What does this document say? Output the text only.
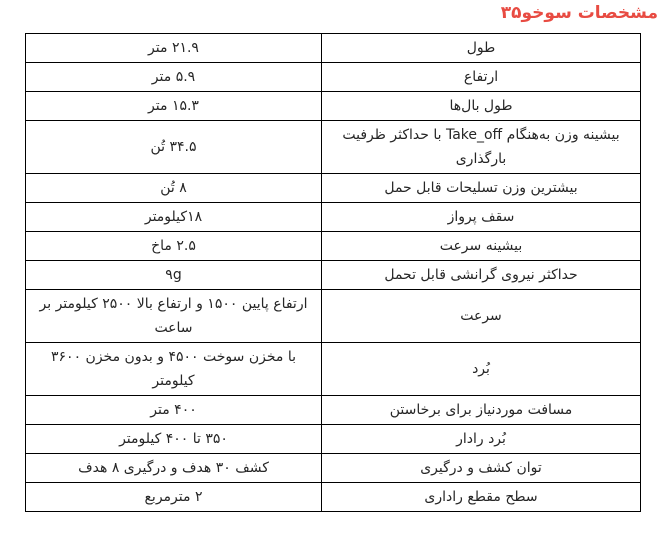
مشخصات سوخو۳۵
طول	۲۱.۹ متر
ارتفاع	۵.۹ متر
طول بال‌ها	۱۵.۳ متر
بیشینه وزن به‌هنگام Take_off با حداکثر ظرفیت بارگذاری	۳۴.۵ تُن
بیشترین وزن تسلیحات قابل حمل	۸ تُن
سقف پرواز	۱۸کیلومتر
بیشینه سرعت	۲.۵ ماخ
حداکثر نیروی گرانشی قابل تحمل	۹g
سرعت	ارتفاع پایین ۱۵۰۰ و ارتفاع بالا ۲۵۰۰ کیلومتر بر ساعت
بُرد	با مخزن سوخت ۴۵۰۰ و بدون مخزن ۳۶۰۰ کیلومتر
مسافت موردنیاز برای برخاستن	۴۰۰ متر
بُرد رادار	۳۵۰ تا ۴۰۰ کیلومتر
توان کشف و درگیری	کشف ۳۰ هدف و درگیری ۸ هدف
سطح مقطع راداری	۲ مترمربع
